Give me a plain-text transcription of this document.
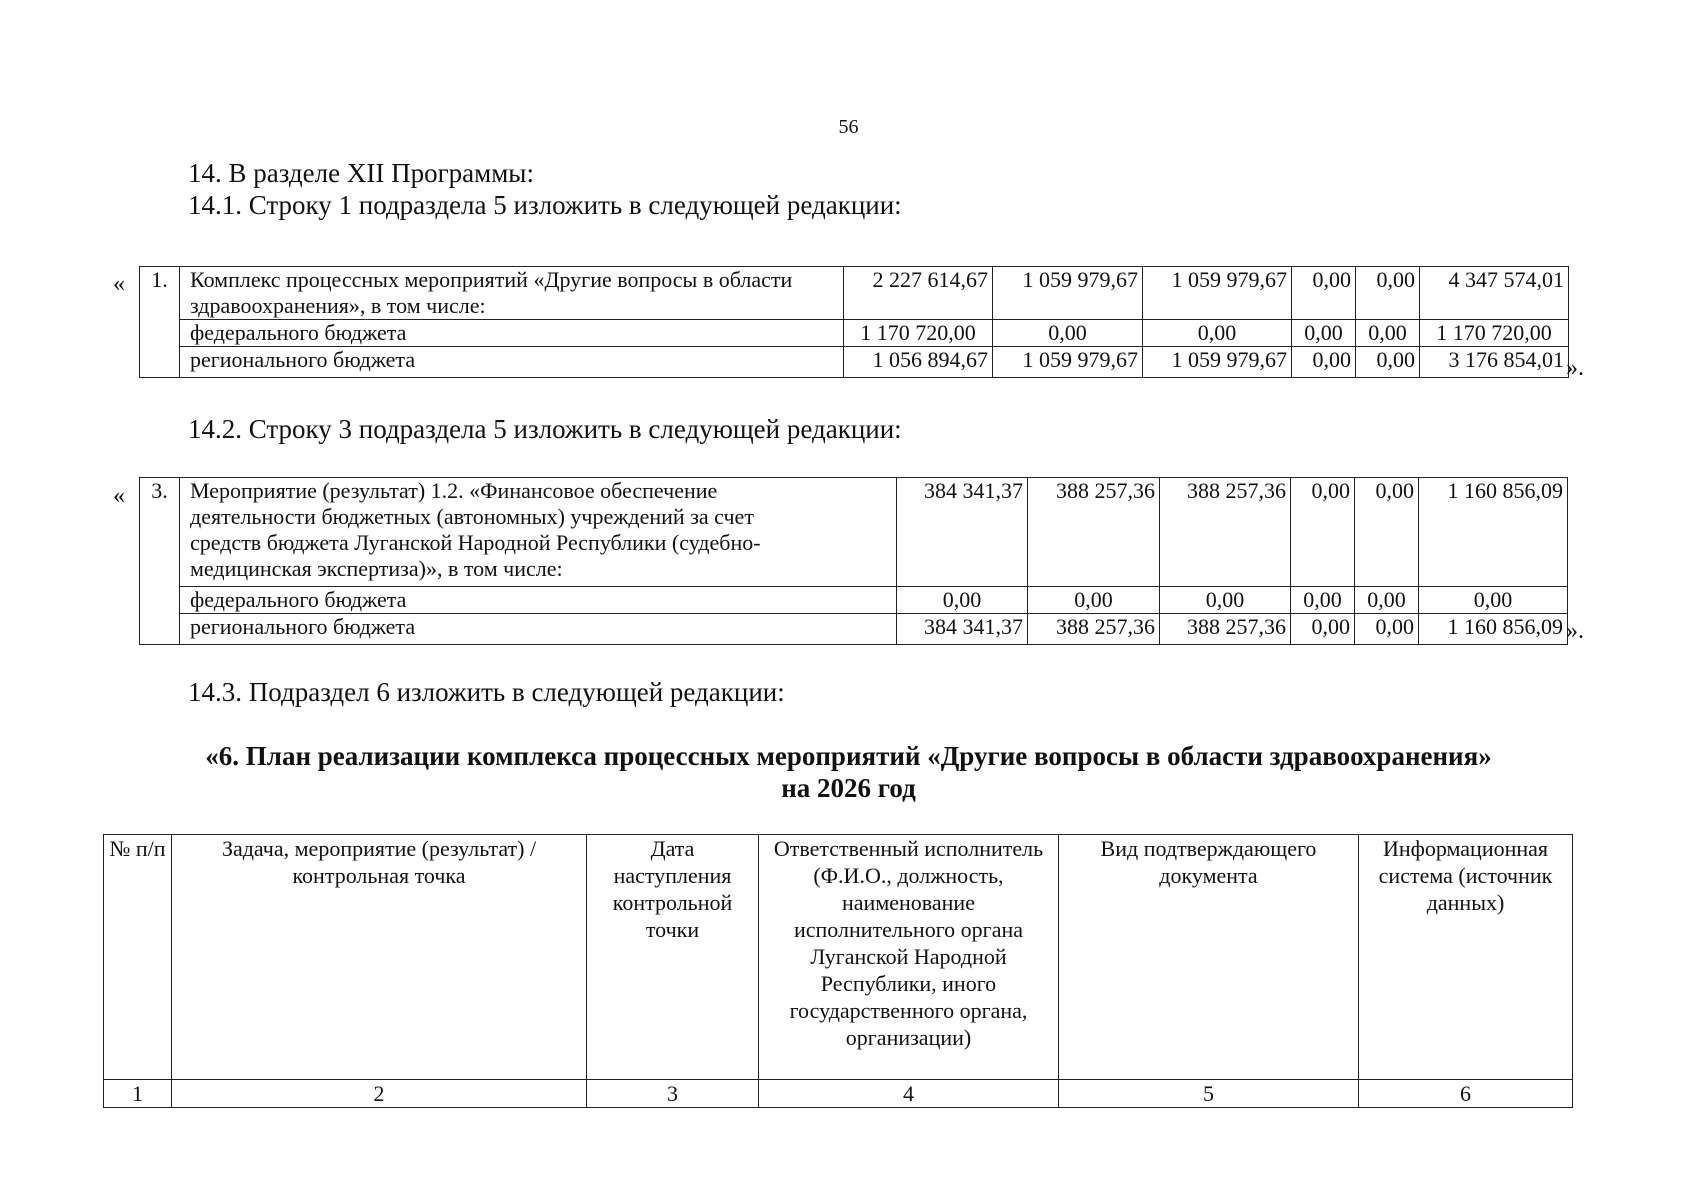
56
14. В разделе XII Программы:
14.1. Строку 1 подраздела 5 изложить в следующей редакции:
« 1.	Комплекс процессных мероприятий «Другие вопросы в области здравоохранения», в том числе:	2 227 614,67	1 059 979,67	1 059 979,67	0,00	0,00	4 347 574,01
	федерального бюджета	1 170 720,00	0,00	0,00	0,00	0,00	1 170 720,00
	регионального бюджета	1 056 894,67	1 059 979,67	1 059 979,67	0,00	0,00	3 176 854,01 ».
14.2. Строку 3 подраздела 5 изложить в следующей редакции:
« 3.	Мероприятие (результат) 1.2. «Финансовое обеспечение деятельности бюджетных (автономных) учреждений за счет средств бюджета Луганской Народной Республики (судебно-медицинская экспертиза)», в том числе:	384 341,37	388 257,36	388 257,36	0,00	0,00	1 160 856,09
	федерального бюджета	0,00	0,00	0,00	0,00	0,00	0,00
	регионального бюджета	384 341,37	388 257,36	388 257,36	0,00	0,00	1 160 856,09 ».
14.3. Подраздел 6 изложить в следующей редакции:
«6. План реализации комплекса процессных мероприятий «Другие вопросы в области здравоохранения»
на 2026 год
№ п/п	Задача, мероприятие (результат) / контрольная точка	Дата наступления контрольной точки	Ответственный исполнитель (Ф.И.О., должность, наименование исполнительного органа Луганской Народной Республики, иного государственного органа, организации)	Вид подтверждающего документа	Информационная система (источник данных)
1	2	3	4	5	6
